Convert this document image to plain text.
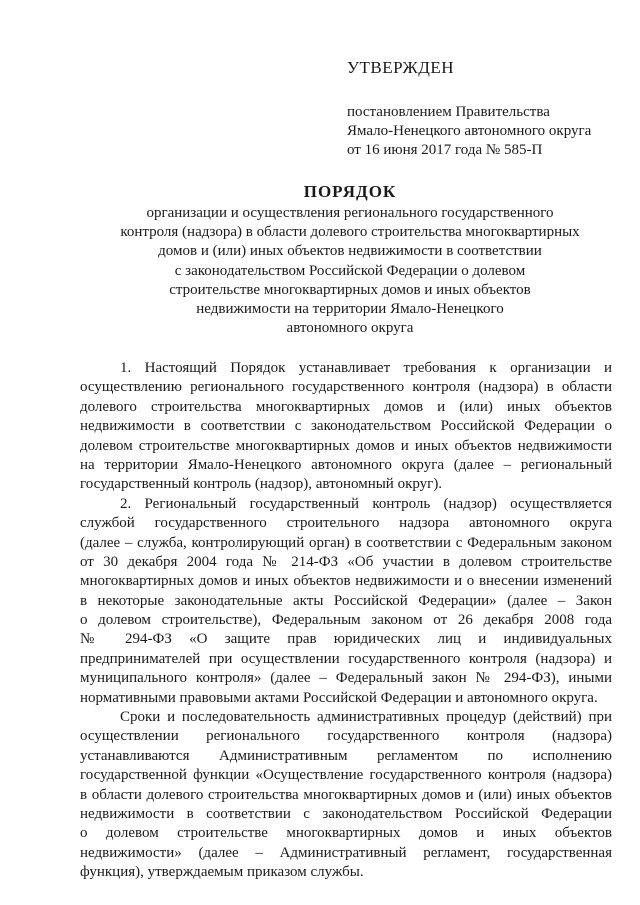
УТВЕРЖДЕН

постановлением Правительства

Ямало-Ненецкого автономного округа

от 16 июня 2017 года № 585-П

ПОРЯДОК

организации и осуществления регионального государственного

контроля (надзора) в области долевого строительства многоквартирных

домов и (или) иных объектов недвижимости в соответствии

с законодательством Российской Федерации о долевом

строительстве многоквартирных домов и иных объектов

недвижимости на территории Ямало-Ненецкого

автономного округа

1. Настоящий Порядок устанавливает требования к организации и
осуществлению регионального государственного контроля (надзора) в области
долевого строительства многоквартирных домов и (или) иных объектов
недвижимости в соответствии с законодательством Российской Федерации о
долевом строительстве многоквартирных домов и иных объектов недвижимости
на территории Ямало-Ненецкого автономного округа (далее – региональный
государственный контроль (надзор), автономный округ).
2. Региональный государственный контроль (надзор) осуществляется
службой государственного строительного надзора автономного округа
(далее – служба, контролирующий орган) в соответствии с Федеральным законом
от 30 декабря 2004 года № 214-ФЗ «Об участии в долевом строительстве
многоквартирных домов и иных объектов недвижимости и о внесении изменений
в некоторые законодательные акты Российской Федерации» (далее – Закон
о долевом строительстве), Федеральным законом от 26 декабря 2008 года
№ 294-ФЗ «О защите прав юридических лиц и индивидуальных
предпринимателей при осуществлении государственного контроля (надзора) и
муниципального контроля» (далее – Федеральный закон № 294-ФЗ), иными
нормативными правовыми актами Российской Федерации и автономного округа.
Сроки и последовательность административных процедур (действий) при
осуществлении регионального государственного контроля (надзора)
устанавливаются Административным регламентом по исполнению
государственной функции «Осуществление государственного контроля (надзора)
в области долевого строительства многоквартирных домов и (или) иных объектов
недвижимости в соответствии с законодательством Российской Федерации
о долевом строительстве многоквартирных домов и иных объектов
недвижимости» (далее – Административный регламент, государственная
функция), утверждаемым приказом службы.
